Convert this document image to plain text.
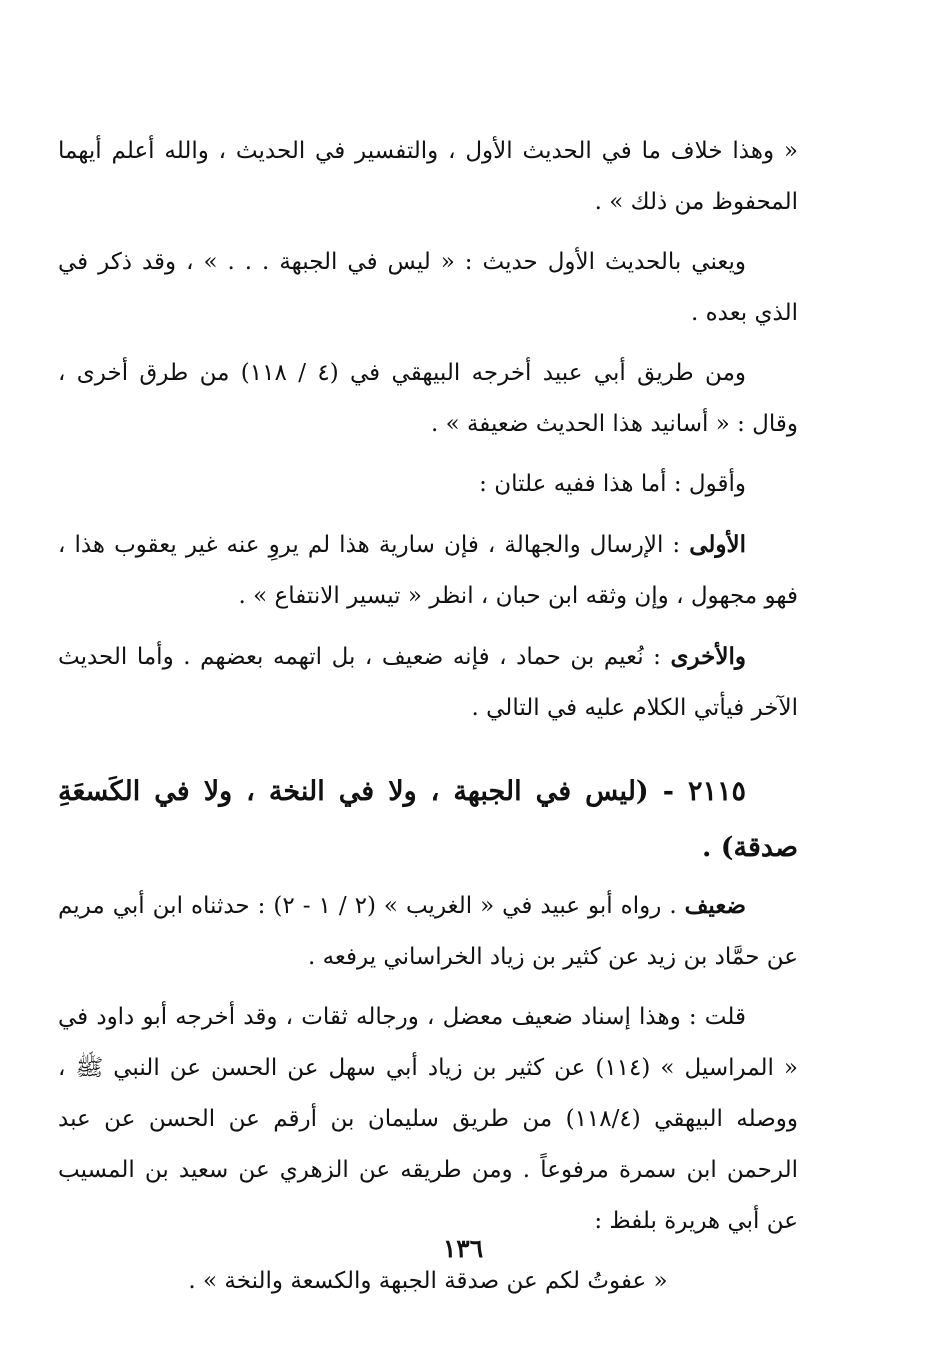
« وهذا خلاف ما في الحديث الأول ، والتفسير في الحديث ، والله أعلم أيهما المحفوظ من ذلك » .

ويعني بالحديث الأول حديث : « ليس في الجبهة . . . » ، وقد ذكر في الذي بعده .

ومن طريق أبي عبيد أخرجه البيهقي في (٤ / ١١٨) من طرق أخرى ، وقال : « أسانيد هذا الحديث ضعيفة » .

وأقول : أما هذا ففيه علتان :

الأولى : الإرسال والجهالة ، فإن سارية هذا لم يروِ عنه غير يعقوب هذا ، فهو مجهول ، وإن وثقه ابن حبان ، انظر « تيسير الانتفاع » .

والأخرى : نُعيم بن حماد ، فإنه ضعيف ، بل اتهمه بعضهم . وأما الحديث الآخر فيأتي الكلام عليه في التالي .

٢١١٥ - (ليس في الجبهة ، ولا في النخة ، ولا في الكَسعَةِ صدقة) .

ضعيف . رواه أبو عبيد في « الغريب » (٢ / ١ - ٢) : حدثناه ابن أبي مريم عن حمَّاد بن زيد عن كثير بن زياد الخراساني يرفعه .

قلت : وهذا إسناد ضعيف معضل ، ورجاله ثقات ، وقد أخرجه أبو داود في « المراسيل » (١١٤) عن كثير بن زياد أبي سهل عن الحسن عن النبي ﷺ ، ووصله البيهقي (١١٨/٤) من طريق سليمان بن أرقم عن الحسن عن عبد الرحمن ابن سمرة مرفوعاً . ومن طريقه عن الزهري عن سعيد بن المسيب عن أبي هريرة بلفظ :

« عفوتُ لكم عن صدقة الجبهة والكسعة والنخة » .

١٣٦
